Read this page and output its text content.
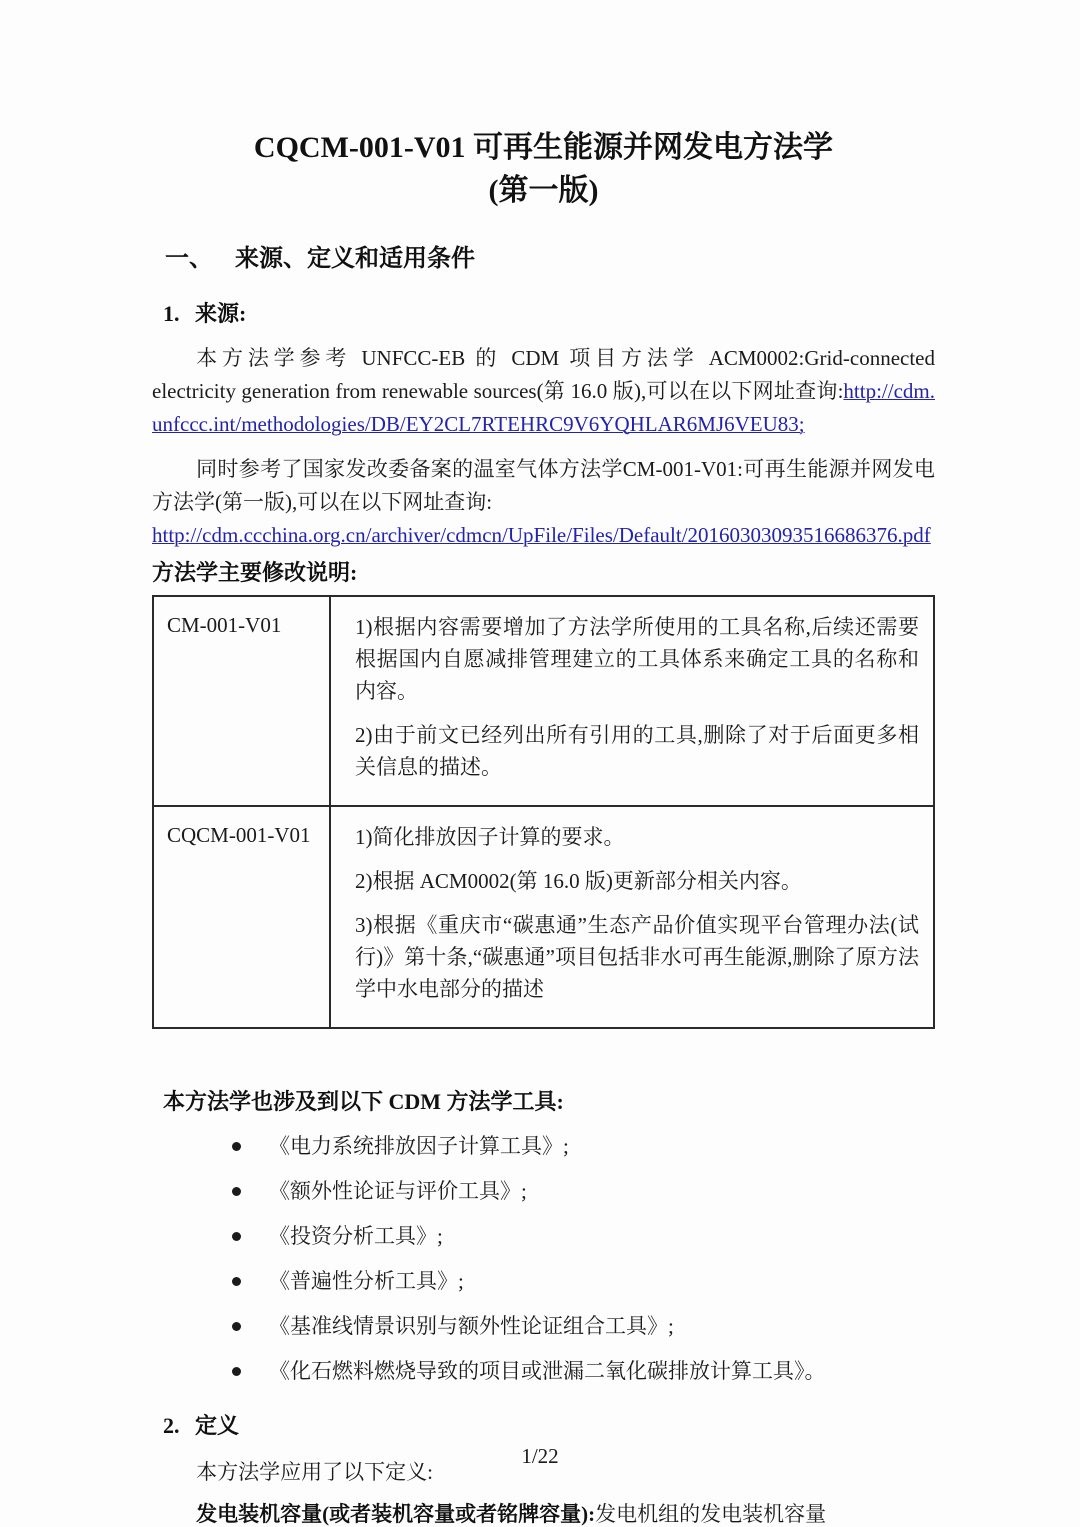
CQCM-001-V01 可再生能源并网发电方法学
(第一版)
一、 来源、定义和适用条件
1. 来源:
本方法学参考 UNFCC-EB 的 CDM 项目方法学 ACM0002:Grid-connected electricity generation from renewable sources(第 16.0 版),可以在以下网址查询:http://cdm.unfccc.int/methodologies/DB/EY2CL7RTEHRC9V6YQHLAR6MJ6VEU83;
同时参考了国家发改委备案的温室气体方法学CM-001-V01:可再生能源并网发电方法学(第一版),可以在以下网址查询:
http://cdm.ccchina.org.cn/archiver/cdmcn/UpFile/Files/Default/20160303093516686376.pdf
方法学主要修改说明:
CM-001-V01	1)根据内容需要增加了方法学所使用的工具名称,后续还需要根据国内自愿减排管理建立的工具体系来确定工具的名称和内容。
2)由于前文已经列出所有引用的工具,删除了对于后面更多相关信息的描述。

CQCM-001-V01	1)简化排放因子计算的要求。
2)根据 ACM0002(第 16.0 版)更新部分相关内容。
3)根据《重庆市“碳惠通”生态产品价值实现平台管理办法(试行)》第十条,“碳惠通”项目包括非水可再生能源,删除了原方法学中水电部分的描述
本方法学也涉及到以下 CDM 方法学工具:
《电力系统排放因子计算工具》;
《额外性论证与评价工具》;
《投资分析工具》;
《普遍性分析工具》;
《基准线情景识别与额外性论证组合工具》;
《化石燃料燃烧导致的项目或泄漏二氧化碳排放计算工具》。
2. 定义
本方法学应用了以下定义:
发电装机容量(或者装机容量或者铭牌容量):发电机组的发电装机容量
1/22
